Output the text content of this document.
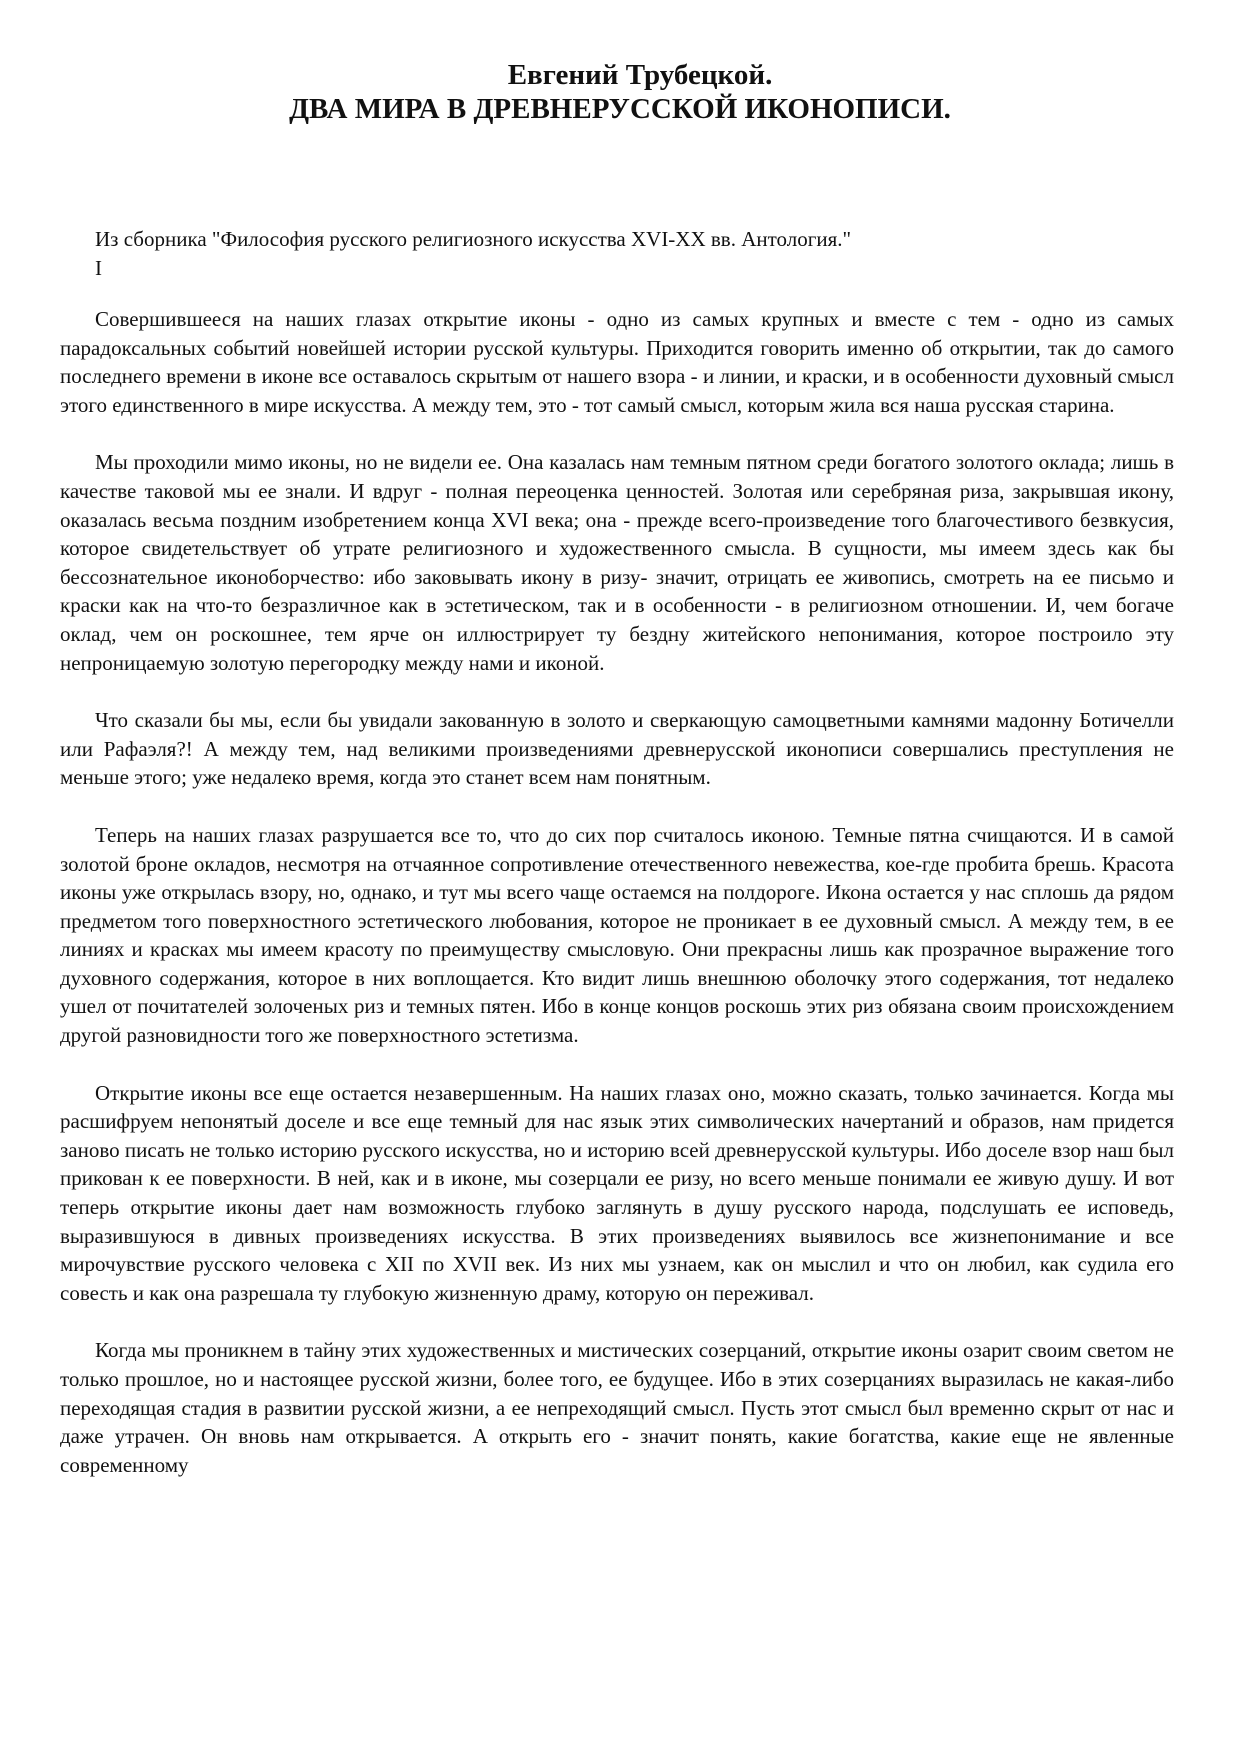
Евгений Трубецкой.
ДВА МИРА В ДРЕВНЕРУССКОЙ ИКОНОПИСИ.
Из сборника "Философия русского религиозного искусства XVI-XX вв. Антология."
I

Совершившееся на наших глазах открытие иконы - одно из самых крупных и вместе с тем - одно из самых парадоксальных событий новейшей истории русской культуры. Приходится говорить именно об открытии, так до самого последнего времени в иконе все оставалось скрытым от нашего взора - и линии, и краски, и в особенности духовный смысл этого единственного в мире искусства. А между тем, это - тот самый смысл, которым жила вся наша русская старина.

Мы проходили мимо иконы, но не видели ее. Она казалась нам темным пятном среди богатого золотого оклада; лишь в качестве таковой мы ее знали. И вдруг - полная переоценка ценностей. Золотая или серебряная риза, закрывшая икону, оказалась весьма поздним изобретением конца XVI века; она - прежде всего-произведение того благочестивого безвкусия, которое свидетельствует об утрате религиозного и художественного смысла. В сущности, мы имеем здесь как бы бессознательное иконоборчество: ибо заковывать икону в ризу- значит, отрицать ее живопись, смотреть на ее письмо и краски как на что-то безразличное как в эстетическом, так и в особенности - в религиозном отношении. И, чем богаче оклад, чем он роскошнее, тем ярче он иллюстрирует ту бездну житейского непонимания, которое построило эту непроницаемую золотую перегородку между нами и иконой.

Что сказали бы мы, если бы увидали закованную в золото и сверкающую самоцветными камнями мадонну Ботичелли или Рафаэля?! А между тем, над великими произведениями древнерусской иконописи совершались преступления не меньше этого; уже недалеко время, когда это станет всем нам понятным.

Теперь на наших глазах разрушается все то, что до сих пор считалось иконою. Темные пятна счищаются. И в самой золотой броне окладов, несмотря на отчаянное сопротивление отечественного невежества, кое-где пробита брешь. Красота иконы уже открылась взору, но, однако, и тут мы всего чаще остаемся на полдороге. Икона остается у нас сплошь да рядом предметом того поверхностного эстетического любования, которое не проникает в ее духовный смысл. А между тем, в ее линиях и красках мы имеем красоту по преимуществу смысловую. Они прекрасны лишь как прозрачное выражение того духовного содержания, которое в них воплощается. Кто видит лишь внешнюю оболочку этого содержания, тот недалеко ушел от почитателей золоченых риз и темных пятен. Ибо в конце концов роскошь этих риз обязана своим происхождением другой разновидности того же поверхностного эстетизма.

Открытие иконы все еще остается незавершенным. На наших глазах оно, можно сказать, только зачинается. Когда мы расшифруем непонятый доселе и все еще темный для нас язык этих символических начертаний и образов, нам придется заново писать не только историю русского искусства, но и историю всей древнерусской культуры. Ибо доселе взор наш был прикован к ее поверхности. В ней, как и в иконе, мы созерцали ее ризу, но всего меньше понимали ее живую душу. И вот теперь открытие иконы дает нам возможность глубоко заглянуть в душу русского народа, подслушать ее исповедь, выразившуюся в дивных произведениях искусства. В этих произведениях выявилось все жизнепонимание и все мирочувствие русского человека с XII по XVII век. Из них мы узнаем, как он мыслил и что он любил, как судила его совесть и как она разрешала ту глубокую жизненную драму, которую он переживал.

Когда мы проникнем в тайну этих художественных и мистических созерцаний, открытие иконы озарит своим светом не только прошлое, но и настоящее русской жизни, более того, ее будущее. Ибо в этих созерцаниях выразилась не какая-либо переходящая стадия в развитии русской жизни, а ее непреходящий смысл. Пусть этот смысл был временно скрыт от нас и даже утрачен. Он вновь нам открывается. А открыть его - значит понять, какие богатства, какие еще не явленные современному
